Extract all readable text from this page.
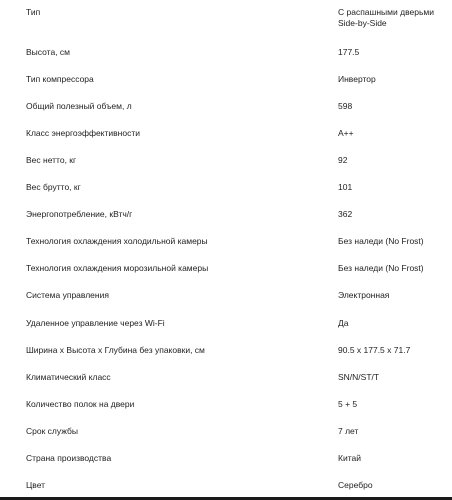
Тип	С распашными дверьми
Side-by-Side
Высота, см	177.5
Тип компрессора	Инвертор
Общий полезный объем, л	598
Класс энергоэффективности	A++
Вес нетто, кг	92
Вес брутто, кг	101
Энергопотребление, кВтч/г	362
Технология охлаждения холодильной камеры	Без наледи (No Frost)
Технология охлаждения морозильной камеры	Без наледи (No Frost)
Система управления	Электронная
Удаленное управление через Wi-Fi	Да
Ширина x Высота x Глубина без упаковки, см	90.5 x 177.5 x 71.7
Климатический класс	SN/N/ST/T
Количество полок на двери	5 + 5
Срок службы	7 лет
Страна производства	Китай
Цвет	Серебро
